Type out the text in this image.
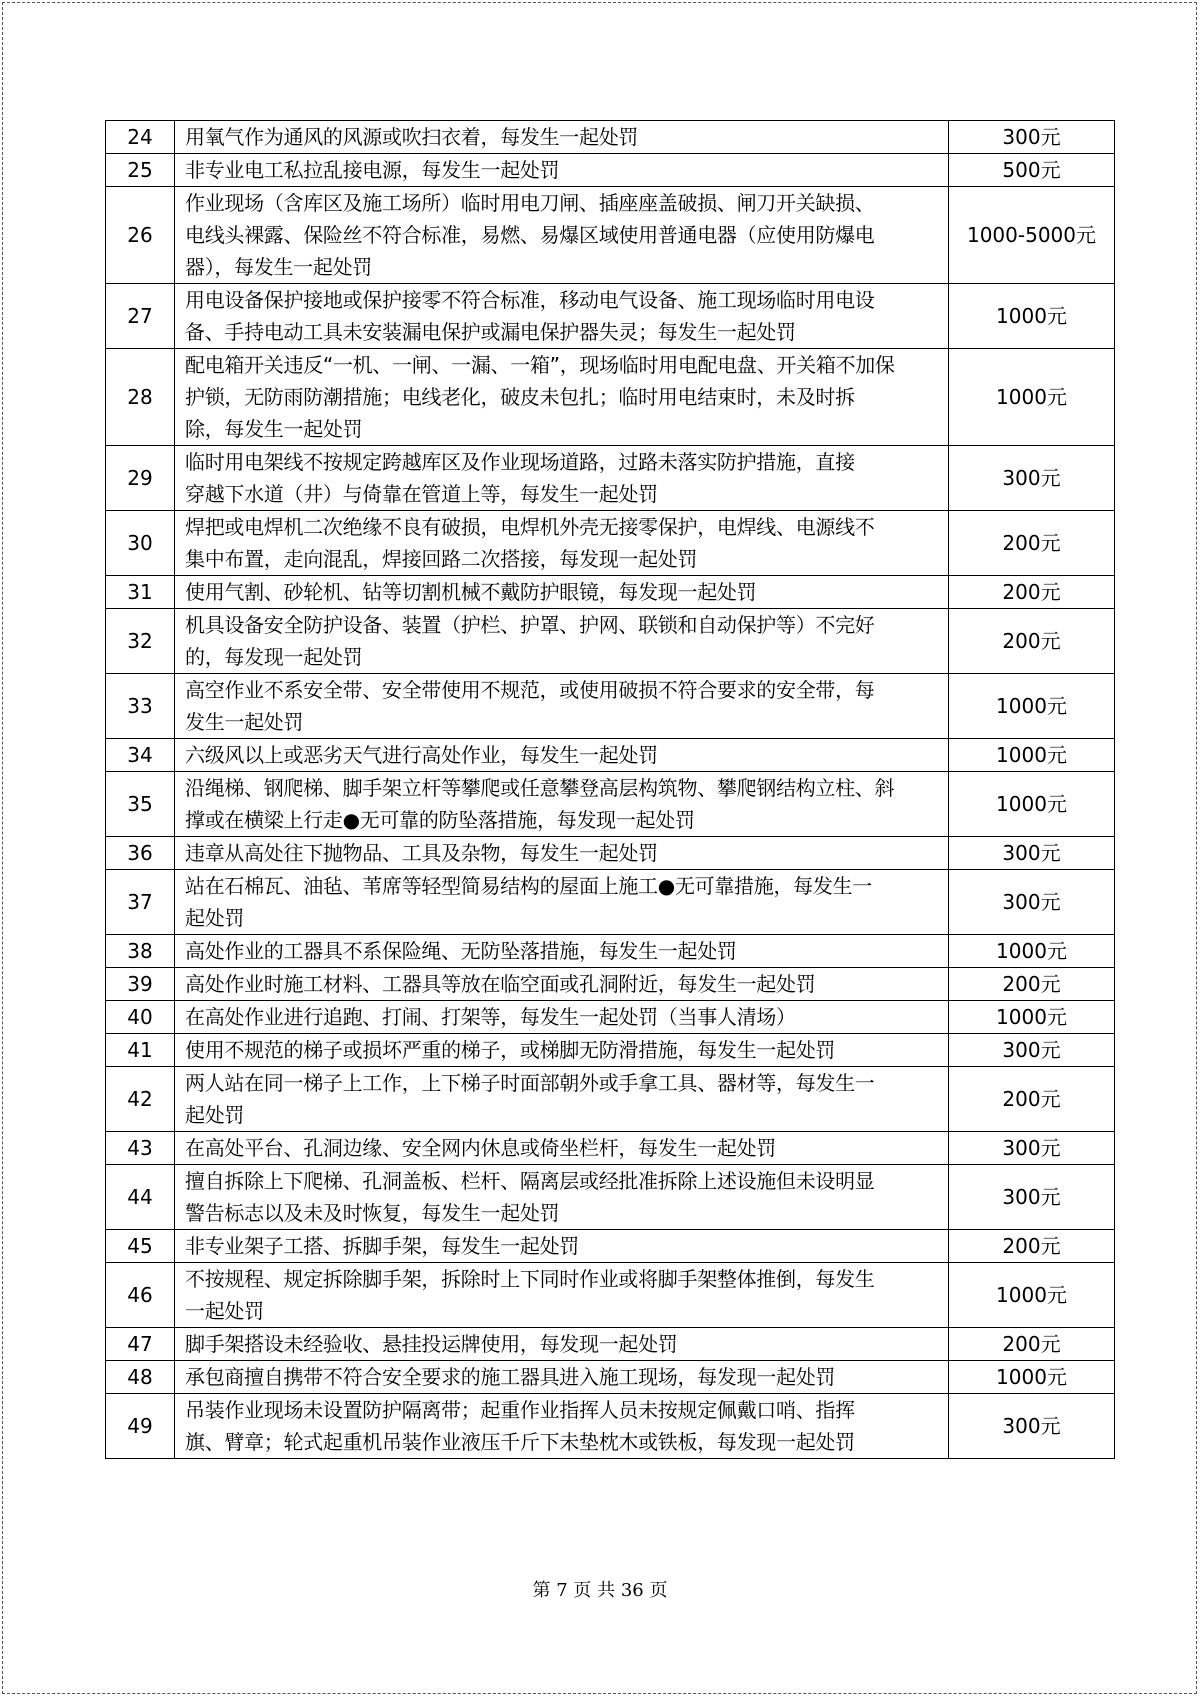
24	用氧气作为通风的风源或吹扫衣着，每发生一起处罚	300元
25	非专业电工私拉乱接电源，每发生一起处罚	500元
26	作业现场（含库区及施工场所）临时用电刀闸、插座座盖破损、闸刀开关缺损、
电线头裸露、保险丝不符合标准，易燃、易爆区域使用普通电器（应使用防爆电
器），每发生一起处罚	1000-5000元
27	用电设备保护接地或保护接零不符合标准，移动电气设备、施工现场临时用电设
备、手持电动工具未安装漏电保护或漏电保护器失灵；每发生一起处罚	1000元
28	配电箱开关违反“一机、一闸、一漏、一箱”，现场临时用电配电盘、开关箱不加保
护锁，无防雨防潮措施；电线老化，破皮未包扎；临时用电结束时，未及时拆
除，每发生一起处罚	1000元
29	临时用电架线不按规定跨越库区及作业现场道路，过路未落实防护措施，直接
穿越下水道（井）与倚靠在管道上等，每发生一起处罚	300元
30	焊把或电焊机二次绝缘不良有破损，电焊机外壳无接零保护，电焊线、电源线不
集中布置，走向混乱，焊接回路二次搭接，每发现一起处罚	200元
31	使用气割、砂轮机、钻等切割机械不戴防护眼镜，每发现一起处罚	200元
32	机具设备安全防护设备、装置（护栏、护罩、护网、联锁和自动保护等）不完好
的，每发现一起处罚	200元
33	高空作业不系安全带、安全带使用不规范，或使用破损不符合要求的安全带，每
发生一起处罚	1000元
34	六级风以上或恶劣天气进行高处作业，每发生一起处罚	1000元
35	沿绳梯、钢爬梯、脚手架立杆等攀爬或任意攀登高层构筑物、攀爬钢结构立柱、斜
撑或在横梁上行走●无可靠的防坠落措施，每发现一起处罚	1000元
36	违章从高处往下抛物品、工具及杂物，每发生一起处罚	300元
37	站在石棉瓦、油毡、苇席等轻型简易结构的屋面上施工●无可靠措施，每发生一
起处罚	300元
38	高处作业的工器具不系保险绳、无防坠落措施，每发生一起处罚	1000元
39	高处作业时施工材料、工器具等放在临空面或孔洞附近，每发生一起处罚	200元
40	在高处作业进行追跑、打闹、打架等，每发生一起处罚（当事人清场）	1000元
41	使用不规范的梯子或损坏严重的梯子，或梯脚无防滑措施，每发生一起处罚	300元
42	两人站在同一梯子上工作，上下梯子时面部朝外或手拿工具、器材等，每发生一
起处罚	200元
43	在高处平台、孔洞边缘、安全网内休息或倚坐栏杆，每发生一起处罚	300元
44	擅自拆除上下爬梯、孔洞盖板、栏杆、隔离层或经批准拆除上述设施但未设明显
警告标志以及未及时恢复，每发生一起处罚	300元
45	非专业架子工搭、拆脚手架，每发生一起处罚	200元
46	不按规程、规定拆除脚手架，拆除时上下同时作业或将脚手架整体推倒，每发生
一起处罚	1000元
47	脚手架搭设未经验收、悬挂投运牌使用，每发现一起处罚	200元
48	承包商擅自携带不符合安全要求的施工器具进入施工现场，每发现一起处罚	1000元
49	吊装作业现场未设置防护隔离带；起重作业指挥人员未按规定佩戴口哨、指挥
旗、臂章；轮式起重机吊装作业液压千斤下未垫枕木或铁板，每发现一起处罚	300元
第 7 页 共 36 页
